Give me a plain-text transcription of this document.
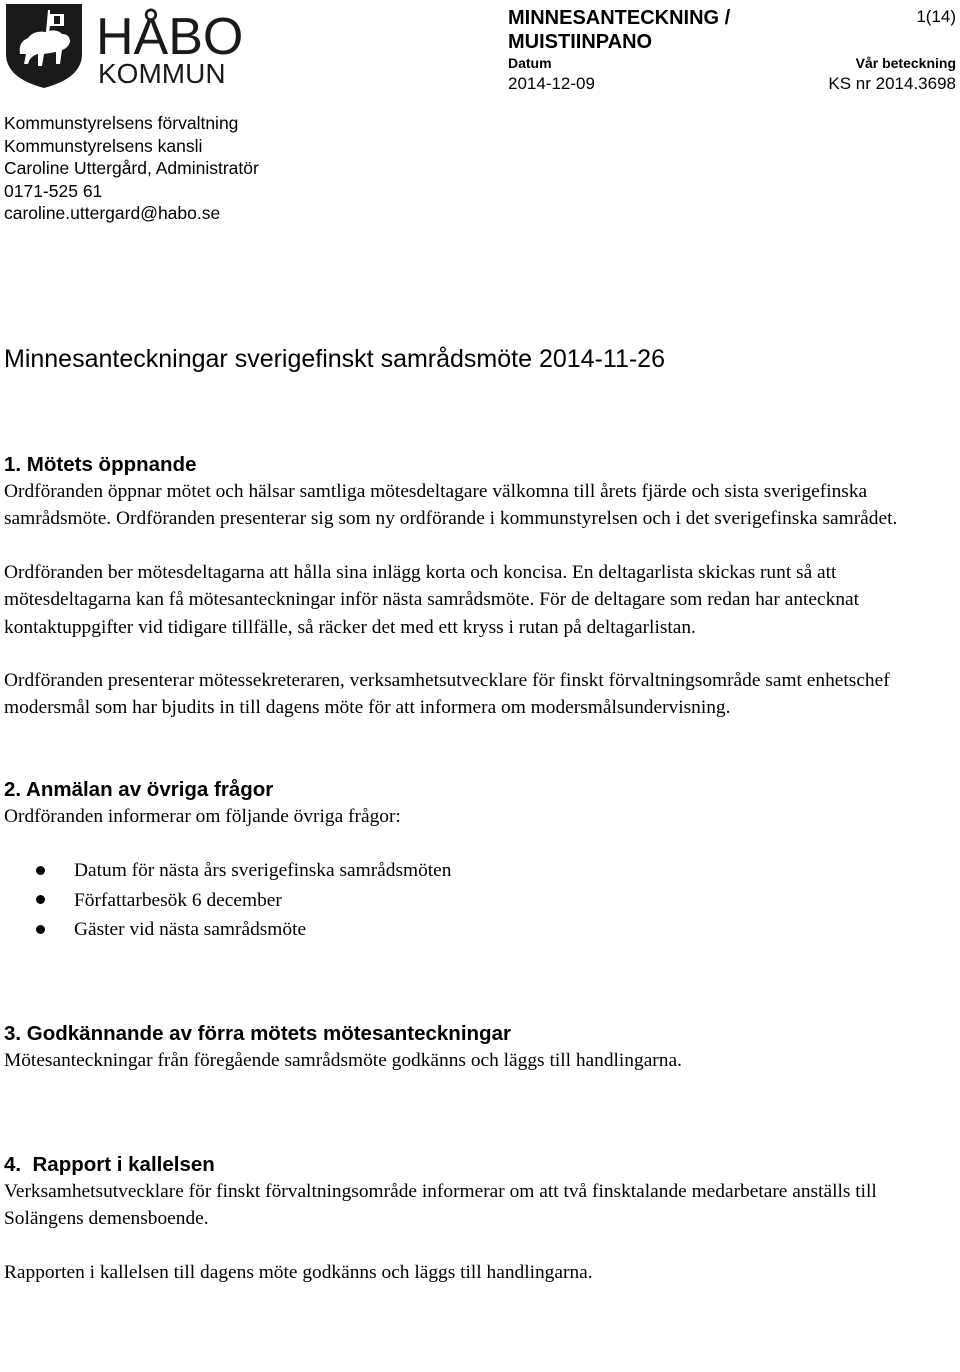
HÅBO
KOMMUN
MINNESANTECKNING / MUISTIINPANO
1(14)
Datum
2014-12-09
Vår beteckning
KS nr 2014.3698
Kommunstyrelsens förvaltning
Kommunstyrelsens kansli
Caroline Uttergård, Administratör
0171-525 61
caroline.uttergard@habo.se
Minnesanteckningar sverigefinskt samrådsmöte 2014-11-26
1. Mötets öppnande

Ordföranden öppnar mötet och hälsar samtliga mötesdeltagare välkomna till årets fjärde och sista sverigefinska samrådsmöte. Ordföranden presenterar sig som ny ordförande i kommunstyrelsen och i det sverigefinska samrådet.

Ordföranden ber mötesdeltagarna att hålla sina inlägg korta och koncisa. En deltagarlista skickas runt så att mötesdeltagarna kan få mötesanteckningar inför nästa samrådsmöte. För de deltagare som redan har antecknat kontaktuppgifter vid tidigare tillfälle, så räcker det med ett kryss i rutan på deltagarlistan.

Ordföranden presenterar mötessekreteraren, verksamhetsutvecklare för finskt förvaltningsområde samt enhetschef modersmål som har bjudits in till dagens möte för att informera om modersmålsundervisning.

2. Anmälan av övriga frågor

Ordföranden informerar om följande övriga frågor:

Datum för nästa års sverigefinska samrådsmöten
Författarbesök 6 december
Gäster vid nästa samrådsmöte
3. Godkännande av förra mötets mötesanteckningar

Mötesanteckningar från föregående samrådsmöte godkänns och läggs till handlingarna.

4.  Rapport i kallelsen

Verksamhetsutvecklare för finskt förvaltningsområde informerar om att två finsktalande medarbetare anställs till Solängens demensboende.

Rapporten i kallelsen till dagens möte godkänns och läggs till handlingarna.
